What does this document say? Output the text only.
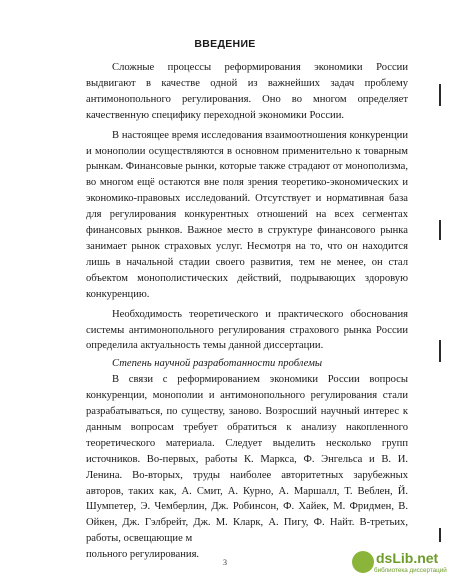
ВВЕДЕНИЕ

Сложные процессы реформирования экономики России выдвигают в качестве одной из важнейших задач проблему антимонопольного регулирования. Оно во многом определяет качественную специфику переходной экономики России.

В настоящее время исследования взаимоотношения конкуренции и монополии осуществляются в основном применительно к товарным рынкам. Финансовые рынки, которые также страдают от монополизма, во многом ещё остаются вне поля зрения теоретико-экономических и экономико-правовых исследований. Отсутствует и нормативная база для регулирования конкурентных отношений на всех сегментах финансовых рынков. Важное место в структуре финансового рынка занимает рынок страховых услуг. Несмотря на то, что он находится лишь в начальной стадии своего развития, тем не менее, он стал объектом монополистических действий, подрывающих здоровую конкуренцию.

Необходимость теоретического и практического обоснования системы антимонопольного регулирования страхового рынка России определила актуальность темы данной диссертации.

Степень научной разработанности проблемы

В связи с реформированием экономики России вопросы конкуренции, монополии и антимонопольного регулирования стали разрабатываться, по существу, заново. Возросший научный интерес к данным вопросам требует обратиться к анализу накопленного теоретического материала. Следует выделить несколько групп источников. Во-первых, работы К. Маркса, Ф. Энгельса и В. И. Ленина. Во-вторых, труды наиболее авторитетных зарубежных авторов, таких как, А. Смит, А. Курно, А. Маршалл, Т. Веблен, Й. Шумпетер, Э. Чемберлин, Дж. Робинсон, Ф. Хайек, М. Фридмен, В. Ойкен, Дж. Гэлбрейт, Дж. М. Кларк, А. Пигу, Ф. Найт. В-третьих, работы, освещающие м

польного регулирования.

3	dsLib.net
библиотека диссертаций
